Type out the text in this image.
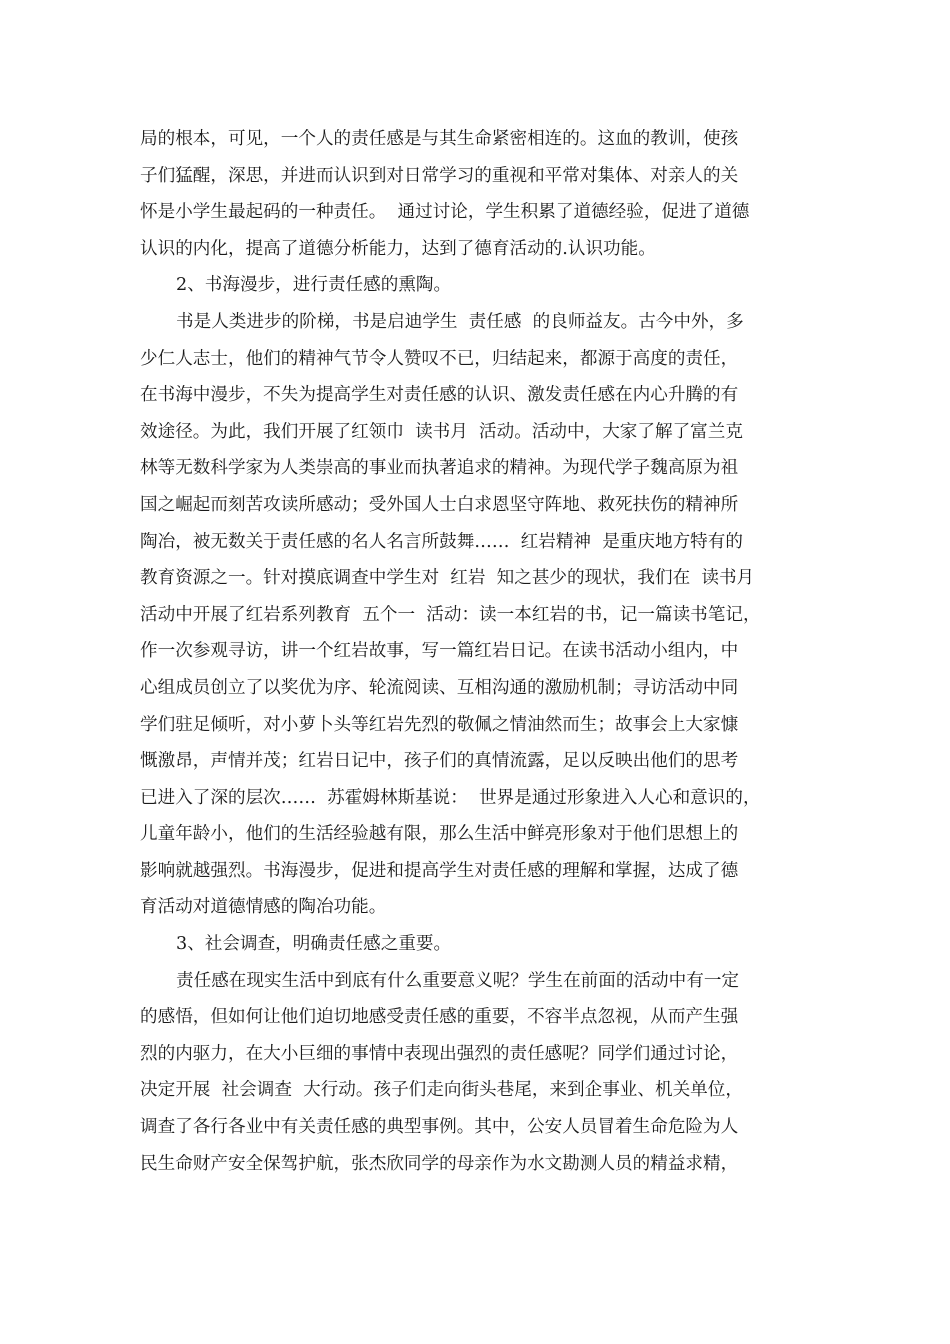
局的根本，可见，一个人的责任感是与其生命紧密相连的。这血的教训，使孩
子们猛醒，深思，并进而认识到对日常学习的重视和平常对集体、对亲人的关
怀是小学生最起码的一种责任。  通过讨论，学生积累了道德经验，促进了道德
认识的内化，提高了道德分析能力，达到了德育活动的.认识功能。
2、书海漫步，进行责任感的熏陶。
书是人类进步的阶梯，书是启迪学生  责任感  的良师益友。古今中外，多
少仁人志士，他们的精神气节令人赞叹不已，归结起来，都源于高度的责任，
在书海中漫步，不失为提高学生对责任感的认识、激发责任感在内心升腾的有
效途径。为此，我们开展了红领巾  读书月  活动。活动中，大家了解了富兰克
林等无数科学家为人类崇高的事业而执著追求的精神。为现代学子魏高原为祖
国之崛起而刻苦攻读所感动；受外国人士白求恩坚守阵地、救死扶伤的精神所
陶冶，被无数关于责任感的名人名言所鼓舞……  红岩精神  是重庆地方特有的
教育资源之一。针对摸底调查中学生对  红岩  知之甚少的现状，我们在  读书月
活动中开展了红岩系列教育  五个一  活动：读一本红岩的书，记一篇读书笔记，
作一次参观寻访，讲一个红岩故事，写一篇红岩日记。在读书活动小组内，中
心组成员创立了以奖优为序、轮流阅读、互相沟通的激励机制；寻访活动中同
学们驻足倾听，对小萝卜头等红岩先烈的敬佩之情油然而生；故事会上大家慷
慨激昂，声情并茂；红岩日记中，孩子们的真情流露，足以反映出他们的思考
已进入了深的层次……  苏霍姆林斯基说：  世界是通过形象进入人心和意识的，
儿童年龄小，他们的生活经验越有限，那么生活中鲜亮形象对于他们思想上的
影响就越强烈。书海漫步，促进和提高学生对责任感的理解和掌握，达成了德
育活动对道德情感的陶冶功能。
3、社会调查，明确责任感之重要。
责任感在现实生活中到底有什么重要意义呢？学生在前面的活动中有一定
的感悟，但如何让他们迫切地感受责任感的重要，不容半点忽视，从而产生强
烈的内驱力，在大小巨细的事情中表现出强烈的责任感呢？同学们通过讨论，
决定开展  社会调查  大行动。孩子们走向街头巷尾，来到企事业、机关单位，
调查了各行各业中有关责任感的典型事例。其中，公安人员冒着生命危险为人
民生命财产安全保驾护航，张杰欣同学的母亲作为水文勘测人员的精益求精，
